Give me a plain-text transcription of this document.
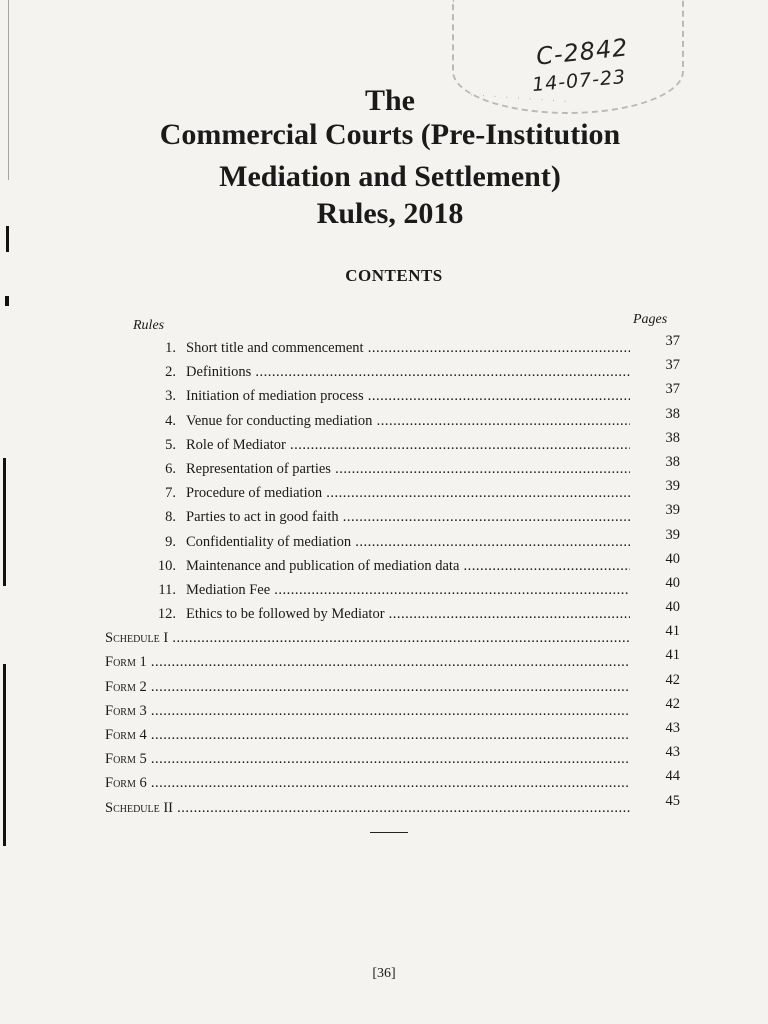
· · · · · · · · ·
C-2842
14-07-23
The
Commercial Courts (Pre-Institution
Mediation and Settlement)
Rules, 2018
CONTENTS
Rules	Pages
1. Short title and commencement .....	37
2. Definitions .....	37
3. Initiation of mediation process .....	37
4. Venue for conducting mediation .....	38
5. Role of Mediator .....	38
6. Representation of parties .....	38
7. Procedure of mediation .....	39
8. Parties to act in good faith .....	39
9. Confidentiality of mediation .....	39
10. Maintenance and publication of mediation data .....	40
11. Mediation Fee .....	40
12. Ethics to be followed by Mediator .....	40
Schedule I .....	41
Form 1 .....	41
Form 2 .....	42
Form 3 .....	42
Form 4 .....	43
Form 5 .....	43
Form 6 .....	44
Schedule II .....	45
[36]
